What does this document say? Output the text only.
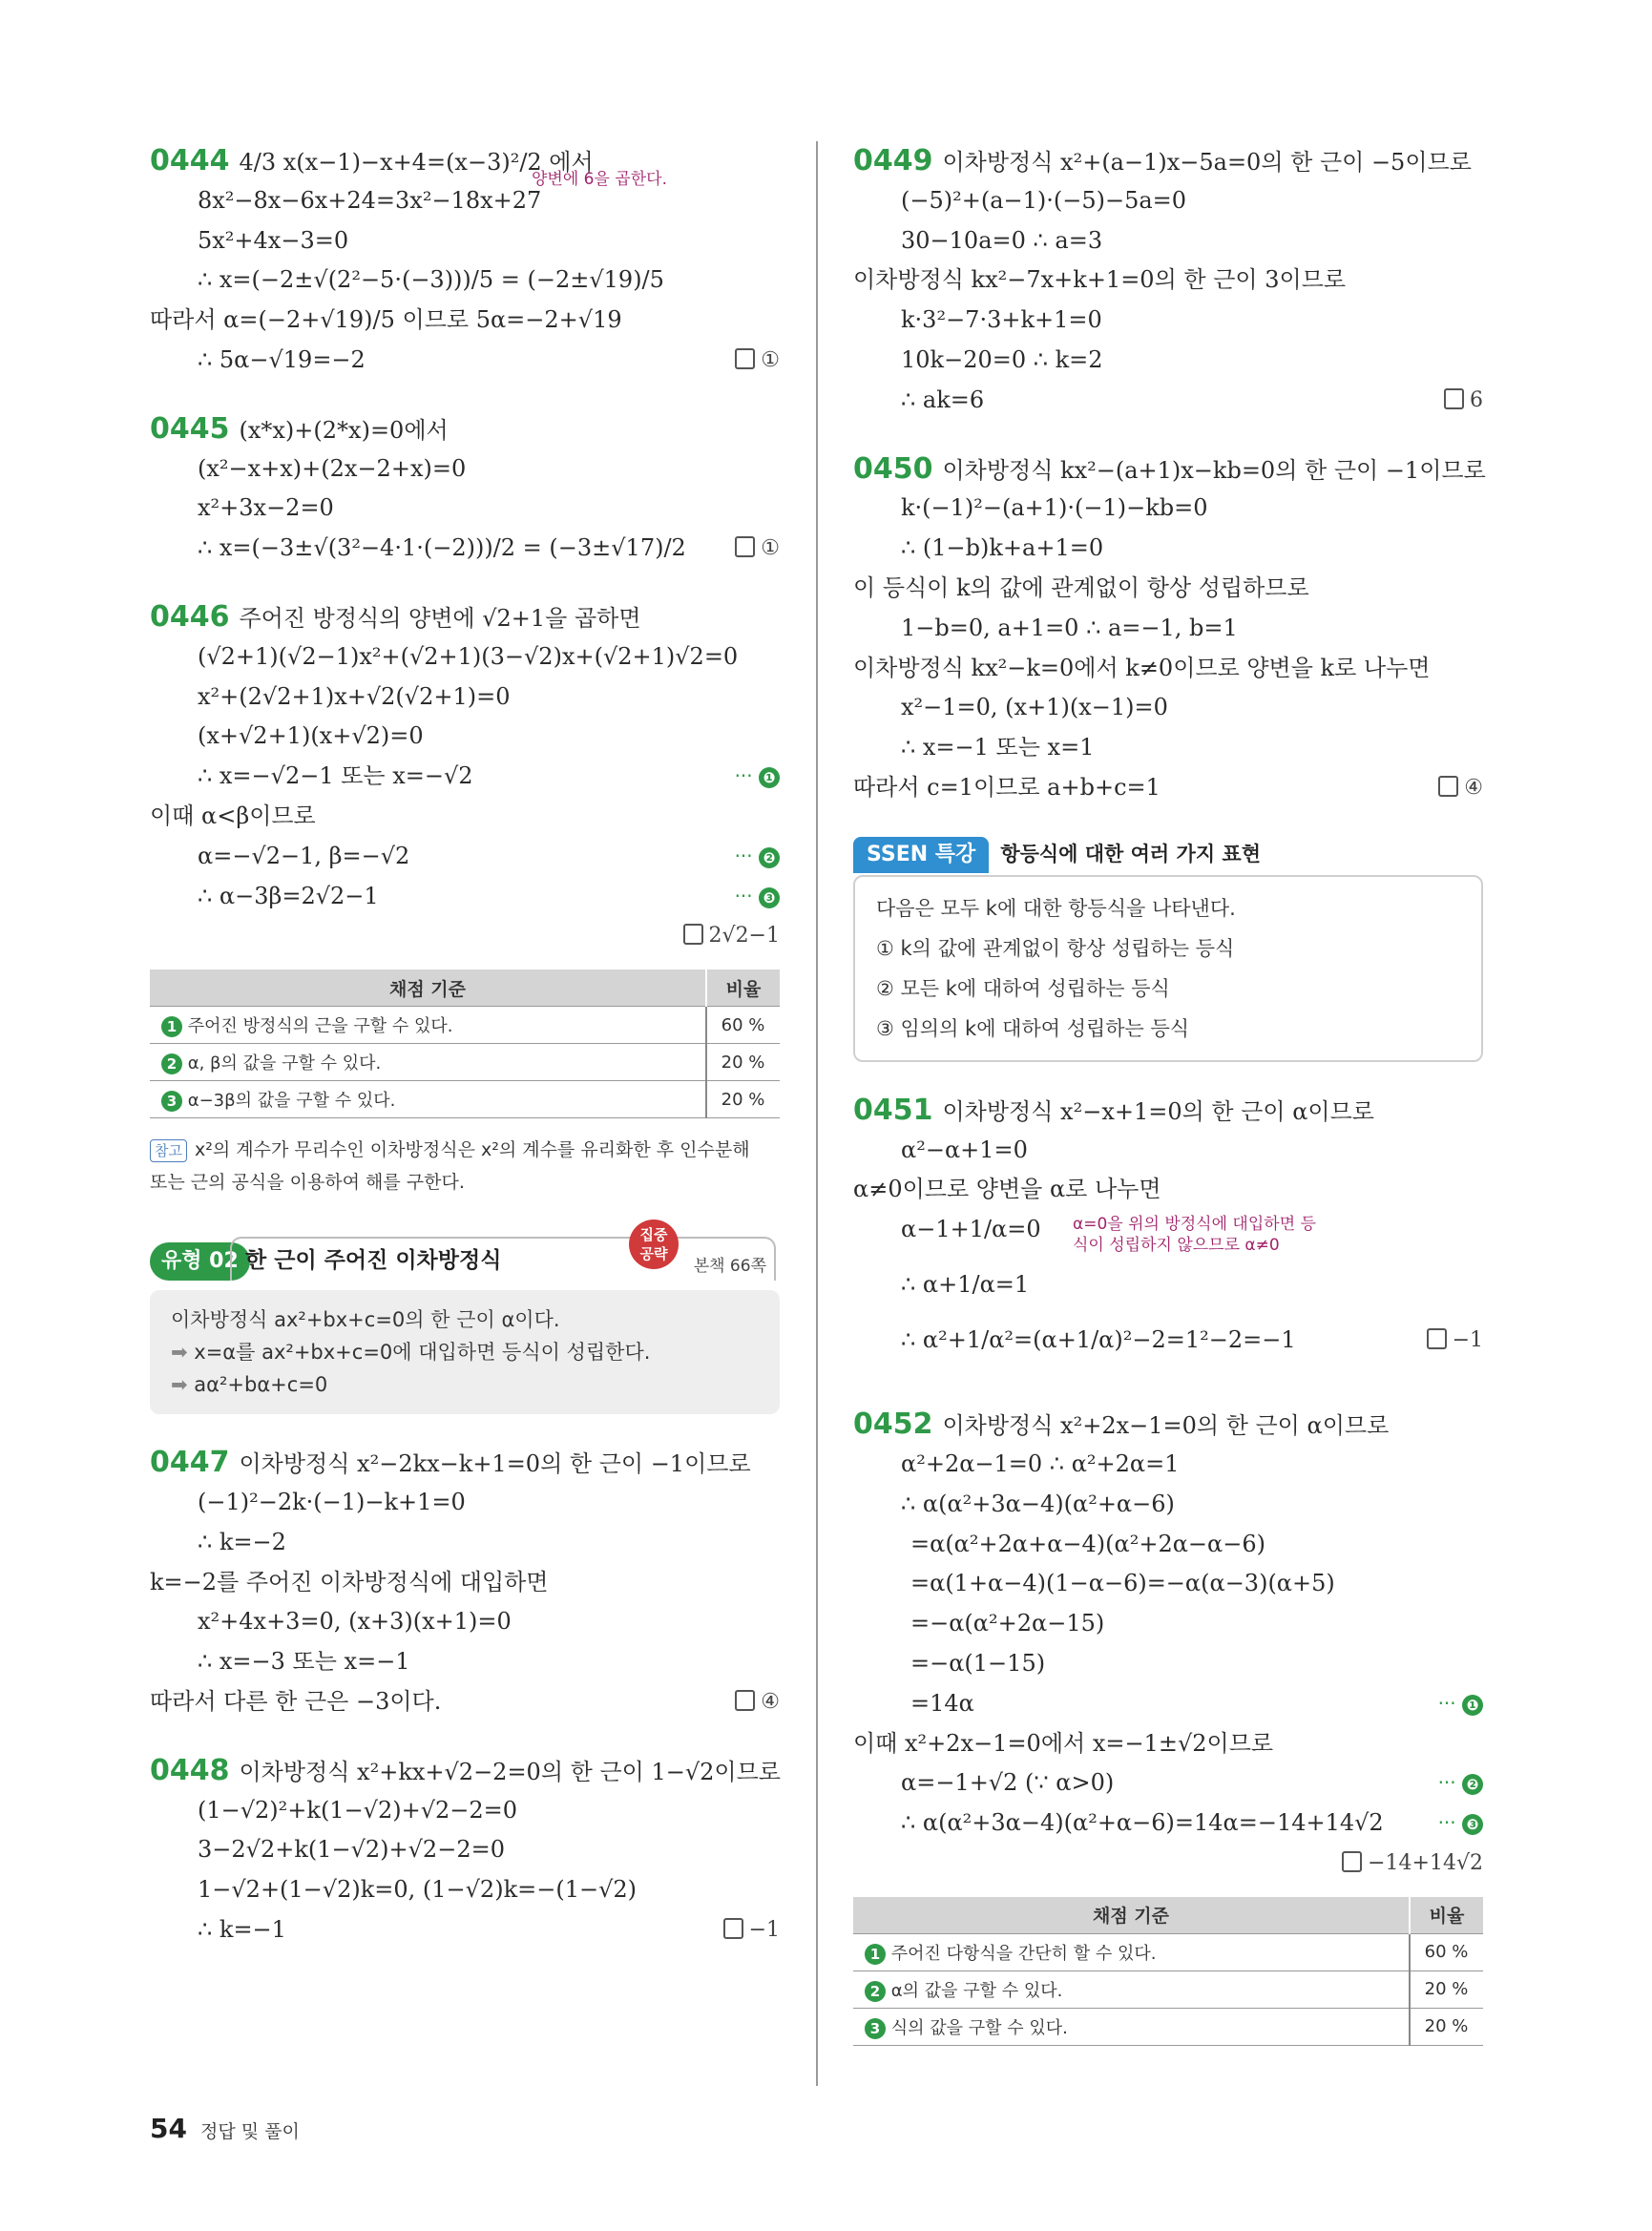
0444 4/3 x(x−1)−x+4=(x−3)²/2 에서
8x²−8x−6x+24=3x²−18x+27
양변에 6을 곱한다.
5x²+4x−3=0
∴ x=(−2±√(2²−5·(−3)))/5 = (−2±√19)/5
따라서 α=(−2+√19)/5 이므로 5α=−2+√19
∴ 5α−√19=−2	①
0445 (x*x)+(2*x)=0에서
(x²−x+x)+(2x−2+x)=0
x²+3x−2=0
∴ x=(−3±√(3²−4·1·(−2)))/2 = (−3±√17)/2	①
0446 주어진 방정식의 양변에 √2+1을 곱하면
(√2+1)(√2−1)x²+(√2+1)(3−√2)x+(√2+1)√2=0
x²+(2√2+1)x+√2(√2+1)=0
(x+√2+1)(x+√2)=0
∴ x=−√2−1 또는 x=−√2	··· ❶
이때 α<β이므로
α=−√2−1, β=−√2	··· ❷
∴ α−3β=2√2−1	··· ❸
2√2−1
채점 기준	비율
1 주어진 방정식의 근을 구할 수 있다.	60 %
2 α, β의 값을 구할 수 있다.	20 %
3 α−3β의 값을 구할 수 있다.	20 %
참고 x²의 계수가 무리수인 이차방정식은 x²의 계수를 유리화한 후 인수분해
또는 근의 공식을 이용하여 해를 구한다.
유형 02 한 근이 주어진 이차방정식
집중
공략
본책 66쪽
이차방정식 ax²+bx+c=0의 한 근이 α이다.
➡ x=α를 ax²+bx+c=0에 대입하면 등식이 성립한다.
➡ aα²+bα+c=0
0447 이차방정식 x²−2kx−k+1=0의 한 근이 −1이므로
(−1)²−2k·(−1)−k+1=0
∴ k=−2
k=−2를 주어진 이차방정식에 대입하면
x²+4x+3=0, (x+3)(x+1)=0
∴ x=−3 또는 x=−1
따라서 다른 한 근은 −3이다.	④
0448 이차방정식 x²+kx+√2−2=0의 한 근이 1−√2이므로
(1−√2)²+k(1−√2)+√2−2=0
3−2√2+k(1−√2)+√2−2=0
1−√2+(1−√2)k=0, (1−√2)k=−(1−√2)
∴ k=−1	−1
0449 이차방정식 x²+(a−1)x−5a=0의 한 근이 −5이므로
(−5)²+(a−1)·(−5)−5a=0
30−10a=0 ∴ a=3
이차방정식 kx²−7x+k+1=0의 한 근이 3이므로
k·3²−7·3+k+1=0
10k−20=0 ∴ k=2
∴ ak=6	6
0450 이차방정식 kx²−(a+1)x−kb=0의 한 근이 −1이므로
k·(−1)²−(a+1)·(−1)−kb=0
∴ (1−b)k+a+1=0
이 등식이 k의 값에 관계없이 항상 성립하므로
1−b=0, a+1=0 ∴ a=−1, b=1
이차방정식 kx²−k=0에서 k≠0이므로 양변을 k로 나누면
x²−1=0, (x+1)(x−1)=0
∴ x=−1 또는 x=1
따라서 c=1이므로 a+b+c=1	④
SSEN 특강 항등식에 대한 여러 가지 표현
다음은 모두 k에 대한 항등식을 나타낸다.
① k의 값에 관계없이 항상 성립하는 등식
② 모든 k에 대하여 성립하는 등식
③ 임의의 k에 대하여 성립하는 등식
0451 이차방정식 x²−x+1=0의 한 근이 α이므로
α²−α+1=0
α≠0이므로 양변을 α로 나누면
α−1+1/α=0 α=0을 위의 방정식에 대입하면 등식이 성립하지 않으므로 α≠0
∴ α+1/α=1
∴ α²+1/α²=(α+1/α)²−2=1²−2=−1	−1
0452 이차방정식 x²+2x−1=0의 한 근이 α이므로
α²+2α−1=0 ∴ α²+2α=1
∴ α(α²+3α−4)(α²+α−6)
=α(α²+2α+α−4)(α²+2α−α−6)
=α(1+α−4)(1−α−6)=−α(α−3)(α+5)
=−α(α²+2α−15)
=−α(1−15)
=14α	··· ❶
이때 x²+2x−1=0에서 x=−1±√2이므로
α=−1+√2 (∵ α>0)	··· ❷
∴ α(α²+3α−4)(α²+α−6)=14α=−14+14√2	··· ❸
−14+14√2
채점 기준	비율
1 주어진 다항식을 간단히 할 수 있다.	60 %
2 α의 값을 구할 수 있다.	20 %
3 식의 값을 구할 수 있다.	20 %
54 정답 및 풀이
